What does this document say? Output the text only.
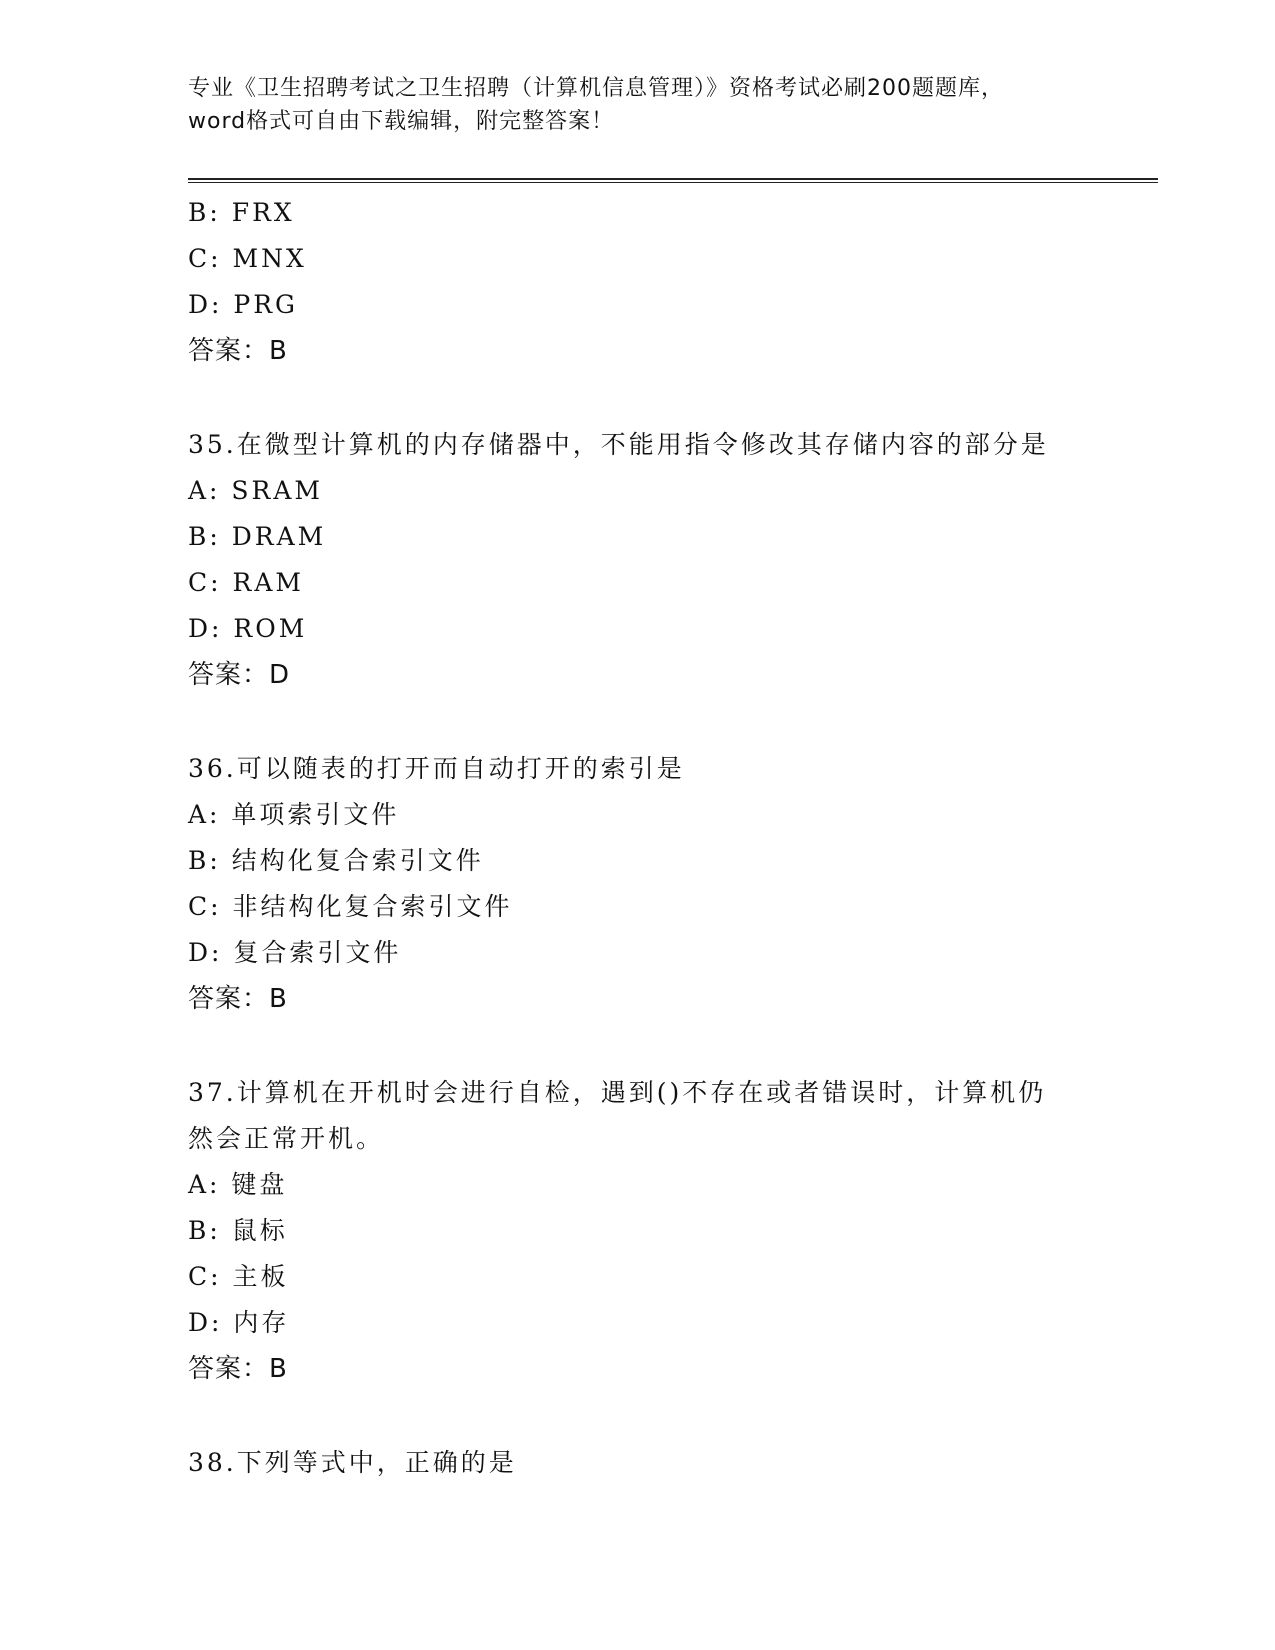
专业《卫生招聘考试之卫生招聘（计算机信息管理）》资格考试必刷200题题库，
word格式可自由下载编辑，附完整答案！
B: FRX
C: MNX
D: PRG
答案：B
35.在微型计算机的内存储器中，不能用指令修改其存储内容的部分是
A: SRAM
B: DRAM
C: RAM
D: ROM
答案：D
36.可以随表的打开而自动打开的索引是
A: 单项索引文件
B: 结构化复合索引文件
C: 非结构化复合索引文件
D: 复合索引文件
答案：B
37.计算机在开机时会进行自检，遇到()不存在或者错误时，计算机仍
然会正常开机。
A: 键盘
B: 鼠标
C: 主板
D: 内存
答案：B
38.下列等式中，正确的是
